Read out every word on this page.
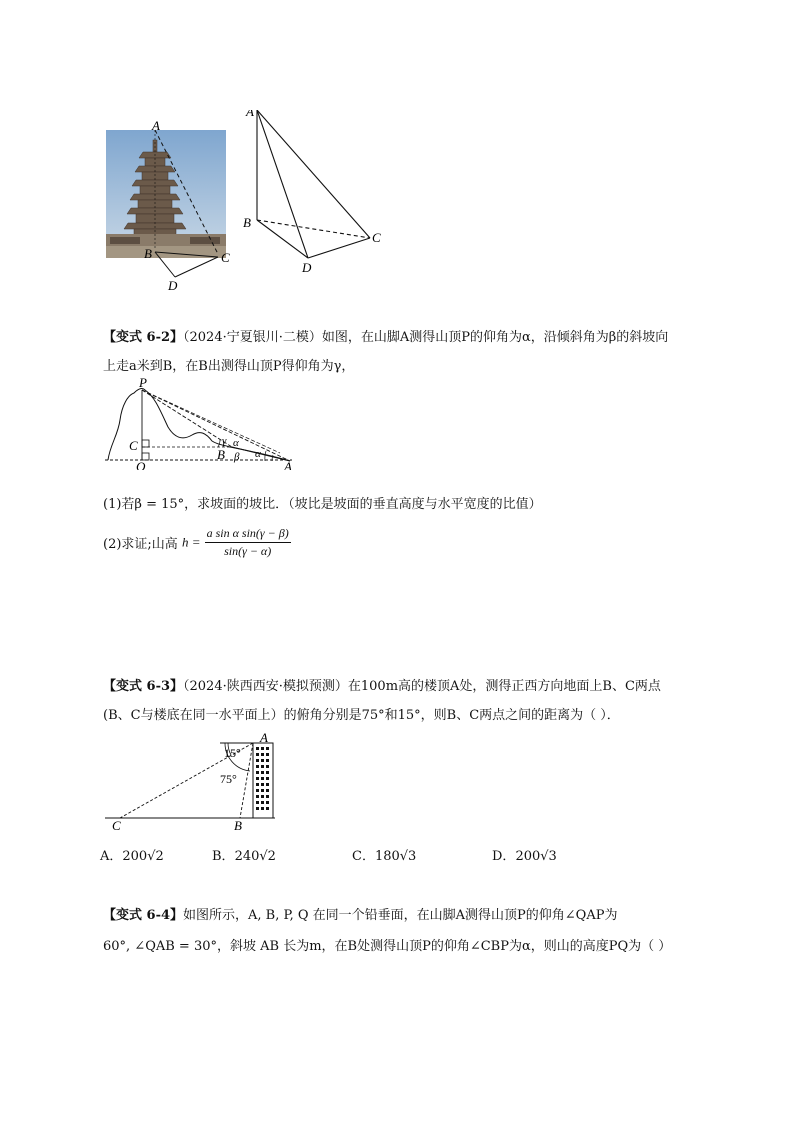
A
B	C
D
A
B
C
D
【变式 6-2】（2024·宁夏银川·二模）如图，在山脚A测得山顶P的仰角为α，沿倾斜角为β的斜坡向
上走a米到B，在B出测得山顶P得仰角为γ，
P
C
Q
B
A
γ α
β α
(1)若β = 15°，求坡面的坡比．（坡比是坡面的垂直高度与水平宽度的比值）
(2)求证;山高 $h = \frac{\text{a sin α sin(γ − β)}}{\sin(\gamma - \alpha)}$
【变式 6-3】（2024·陕西西安·模拟预测）在100m高的楼顶A处，测得正西方向地面上B、C两点
(B、C与楼底在同一水平面上）的俯角分别是75°和15°，则B、C两点之间的距离为（ ）．
A
B
C
15°
75°
A．200√2	B．240√2	C．180√3	D．200√3
【变式 6-4】如图所示，A, B, P, Q 在同一个铅垂面，在山脚A测得山顶P的仰角∠QAP为
60°, ∠QAB = 30°，斜坡 AB 长为m，在B处测得山顶P的仰角∠CBP为α，则山的高度PQ为（ ）
